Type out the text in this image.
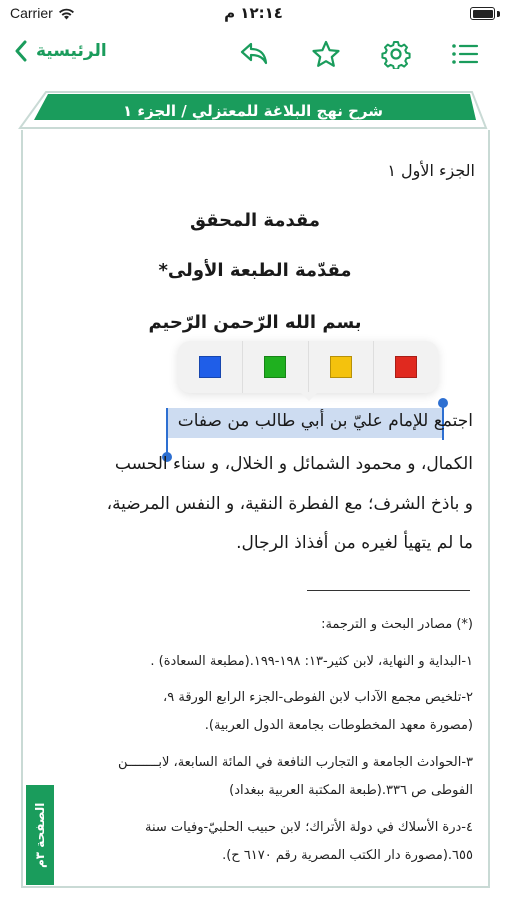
Carrier	١٢:١٤ م
الرئيسية
شرح نهج البلاغة للمعتزلي / الجزء ١
الجزء الأول ١
مقدمة المحقق
مقدّمة الطبعة الأولى*
بسم الله الرّحمن الرّحيم
اجتمع للإمام عليّ بن أبي طالب من صفات
الكمال، و محمود الشمائل و الخلال، و سناء الحسب
و باذخ الشرف؛ مع الفطرة النقية، و النفس المرضية،
ما لم يتهيأ لغيره من أفذاذ الرجال.
(*) مصادر البحث و الترجمة:
١-البداية و النهاية، لابن كثير-١٣: ١٩٨-١٩٩.(مطبعة السعادة) .
٢-تلخيص مجمع الآداب لابن الفوطى-الجزء الرابع الورقة ٩،
(مصورة معهد المخطوطات بجامعة الدول العربية).
٣-الحوادث الجامعة و التجارب النافعة في المائة السابعة، لابــــــــن
الفوطى ص ٣٣٦.(طبعة المكتبة العربية ببغداد)
٤-درة الأسلاك في دولة الأتراك؛ لابن حبيب الحلبيّ-وفيات سنة
٦٥٥.(مصورة دار الكتب المصرية رقم ٦١٧٠ ح).
الصفحة ٣م
